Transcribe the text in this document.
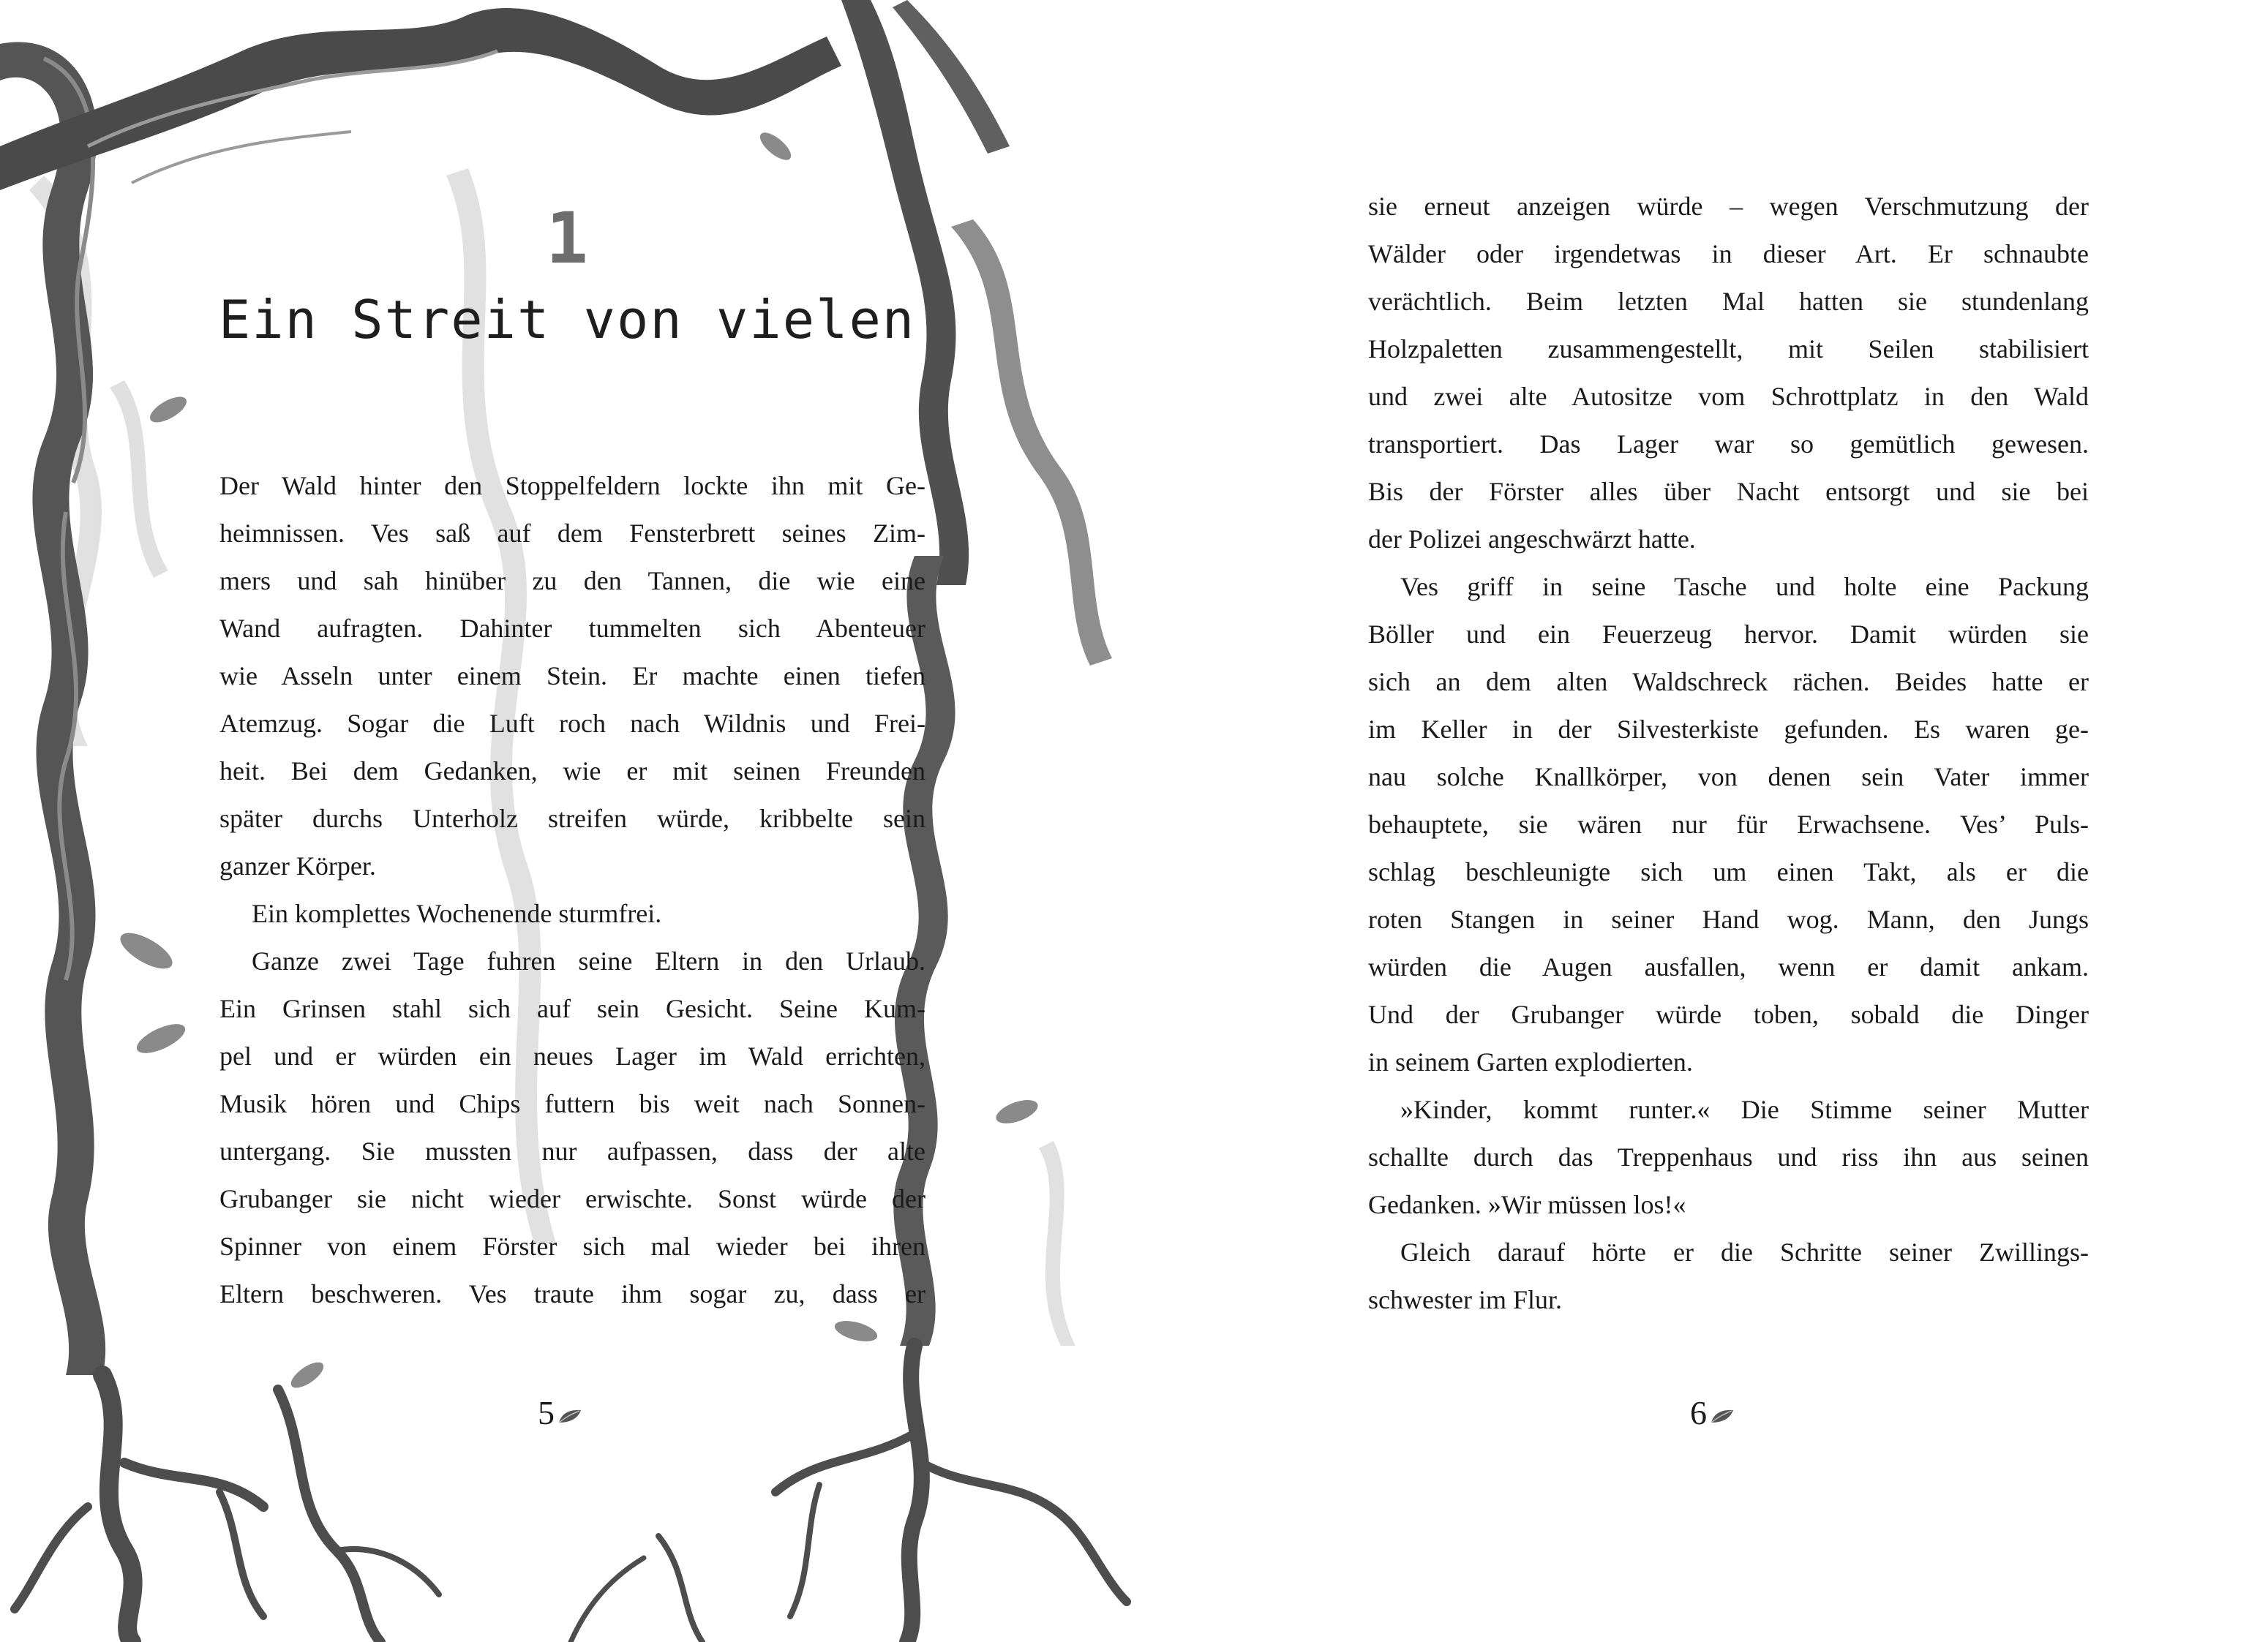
1
Ein Streit von vielen
Der Wald hinter den Stoppelfeldern lockte ihn mit Ge-
heimnissen. Ves saß auf dem Fensterbrett seines Zim-
mers und sah hinüber zu den Tannen, die wie eine
Wand aufragten. Dahinter tummelten sich Abenteuer
wie Asseln unter einem Stein. Er machte einen tiefen
Atemzug. Sogar die Luft roch nach Wildnis und Frei-
heit. Bei dem Gedanken, wie er mit seinen Freunden
später durchs Unterholz streifen würde, kribbelte sein
ganzer Körper.
Ein komplettes Wochenende sturmfrei.
Ganze zwei Tage fuhren seine Eltern in den Urlaub.
Ein Grinsen stahl sich auf sein Gesicht. Seine Kum-
pel und er würden ein neues Lager im Wald errichten,
Musik hören und Chips futtern bis weit nach Sonnen-
untergang. Sie mussten nur aufpassen, dass der alte
Grubanger sie nicht wieder erwischte. Sonst würde der
Spinner von einem Förster sich mal wieder bei ihren
Eltern beschweren. Ves traute ihm sogar zu, dass er
5
sie erneut anzeigen würde – wegen Verschmutzung der
Wälder oder irgendetwas in dieser Art. Er schnaubte
verächtlich. Beim letzten Mal hatten sie stundenlang
Holzpaletten zusammengestellt, mit Seilen stabilisiert
und zwei alte Autositze vom Schrottplatz in den Wald
transportiert. Das Lager war so gemütlich gewesen.
Bis der Förster alles über Nacht entsorgt und sie bei
der Polizei angeschwärzt hatte.
Ves griff in seine Tasche und holte eine Packung
Böller und ein Feuerzeug hervor. Damit würden sie
sich an dem alten Waldschreck rächen. Beides hatte er
im Keller in der Silvesterkiste gefunden. Es waren ge-
nau solche Knallkörper, von denen sein Vater immer
behauptete, sie wären nur für Erwachsene. Ves’ Puls-
schlag beschleunigte sich um einen Takt, als er die
roten Stangen in seiner Hand wog. Mann, den Jungs
würden die Augen ausfallen, wenn er damit ankam.
Und der Grubanger würde toben, sobald die Dinger
in seinem Garten explodierten.
»Kinder, kommt runter.« Die Stimme seiner Mutter
schallte durch das Treppenhaus und riss ihn aus seinen
Gedanken. »Wir müssen los!«
Gleich darauf hörte er die Schritte seiner Zwillings-
schwester im Flur.
6
